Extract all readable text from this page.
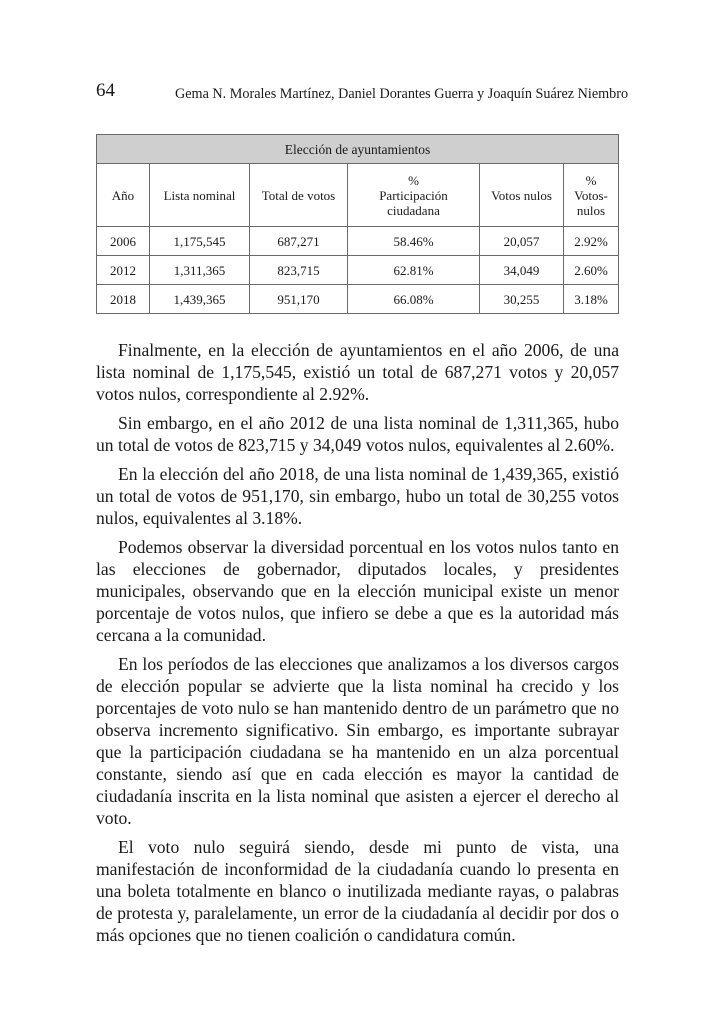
64	Gema N. Morales Martínez, Daniel Dorantes Guerra y Joaquín Suárez Niembro
Elección de ayuntamientos					
Año	Lista nominal	Total de votos	% Participación ciudadana	Votos nulos	% Votos-nulos
2006	1,175,545	687,271	58.46%	20,057	2.92%
2012	1,311,365	823,715	62.81%	34,049	2.60%
2018	1,439,365	951,170	66.08%	30,255	3.18%

Finalmente, en la elección de ayuntamientos en el año 2006, de una lista nominal de 1,175,545, existió un total de 687,271 votos y 20,057 votos nulos, correspondiente al 2.92%.

Sin embargo, en el año 2012 de una lista nominal de 1,311,365, hubo un total de votos de 823,715 y 34,049 votos nulos, equivalentes al 2.60%.

En la elección del año 2018, de una lista nominal de 1,439,365, existió un total de votos de 951,170, sin embargo, hubo un total de 30,255 votos nulos, equivalentes al 3.18%.

Podemos observar la diversidad porcentual en los votos nulos tanto en las elecciones de gobernador, diputados locales, y presidentes municipales, observando que en la elección municipal existe un menor porcentaje de votos nulos, que infiero se debe a que es la autoridad más cercana a la comunidad.

En los períodos de las elecciones que analizamos a los diversos cargos de elección popular se advierte que la lista nominal ha crecido y los porcentajes de voto nulo se han mantenido dentro de un parámetro que no observa incremento significativo. Sin embargo, es importante subrayar que la participación ciudadana se ha mantenido en un alza porcentual constante, siendo así que en cada elección es mayor la cantidad de ciudadanía inscrita en la lista nominal que asisten a ejercer el derecho al voto.

El voto nulo seguirá siendo, desde mi punto de vista, una manifestación de inconformidad de la ciudadanía cuando lo presenta en una boleta totalmente en blanco o inutilizada mediante rayas, o palabras de protesta y, paralelamente, un error de la ciudadanía al decidir por dos o más opciones que no tienen coalición o candidatura común.
